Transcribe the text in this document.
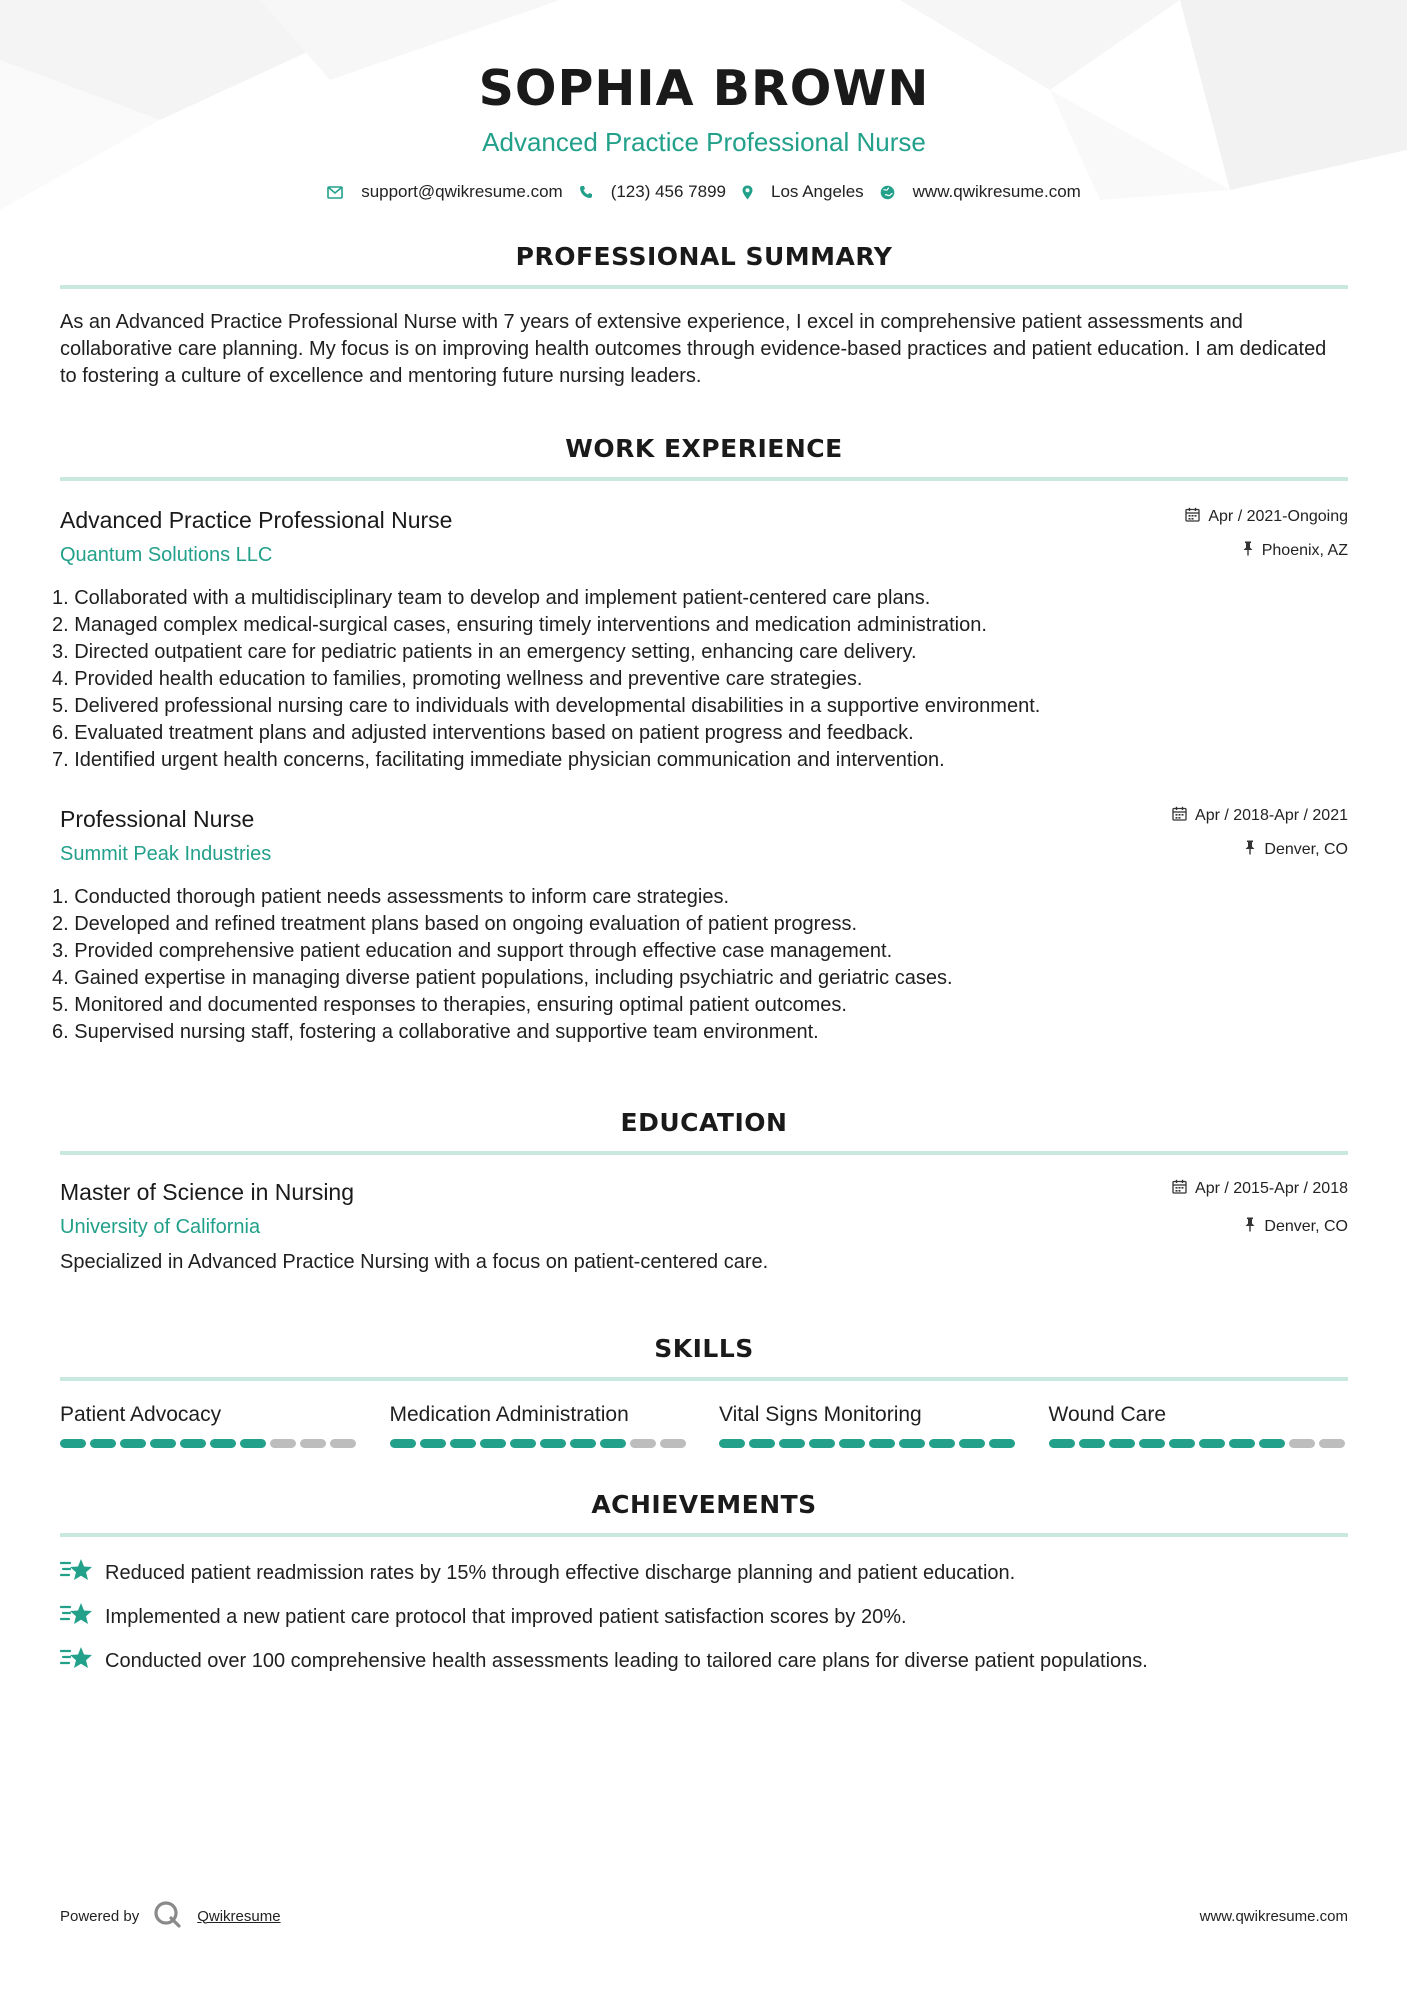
SOPHIA BROWN
Advanced Practice Professional Nurse
support@qwikresume.com	(123) 456 7899	Los Angeles	www.qwikresume.com
PROFESSIONAL SUMMARY

As an Advanced Practice Professional Nurse with 7 years of extensive experience, I excel in comprehensive patient assessments and collaborative care planning. My focus is on improving health outcomes through evidence-based practices and patient education. I am dedicated to fostering a culture of excellence and mentoring future nursing leaders.

WORK EXPERIENCE
Advanced Practice Professional Nurse
Quantum Solutions LLC
Apr / 2021-Ongoing
Phoenix, AZ
1. Collaborated with a multidisciplinary team to develop and implement patient-centered care plans.
2. Managed complex medical-surgical cases, ensuring timely interventions and medication administration.
3. Directed outpatient care for pediatric patients in an emergency setting, enhancing care delivery.
4. Provided health education to families, promoting wellness and preventive care strategies.
5. Delivered professional nursing care to individuals with developmental disabilities in a supportive environment.
6. Evaluated treatment plans and adjusted interventions based on patient progress and feedback.
7. Identified urgent health concerns, facilitating immediate physician communication and intervention.
Professional Nurse
Summit Peak Industries
Apr / 2018-Apr / 2021
Denver, CO
1. Conducted thorough patient needs assessments to inform care strategies.
2. Developed and refined treatment plans based on ongoing evaluation of patient progress.
3. Provided comprehensive patient education and support through effective case management.
4. Gained expertise in managing diverse patient populations, including psychiatric and geriatric cases.
5. Monitored and documented responses to therapies, ensuring optimal patient outcomes.
6. Supervised nursing staff, fostering a collaborative and supportive team environment.
EDUCATION
Master of Science in Nursing
University of California
Apr / 2015-Apr / 2018
Denver, CO

Specialized in Advanced Practice Nursing with a focus on patient-centered care.

SKILLS
Patient Advocacy	Medication Administration	Vital Signs Monitoring	Wound Care
ACHIEVEMENTS
Reduced patient readmission rates by 15% through effective discharge planning and patient education.
Implemented a new patient care protocol that improved patient satisfaction scores by 20%.
Conducted over 100 comprehensive health assessments leading to tailored care plans for diverse patient populations.
Powered by	Qwikresume	www.qwikresume.com
